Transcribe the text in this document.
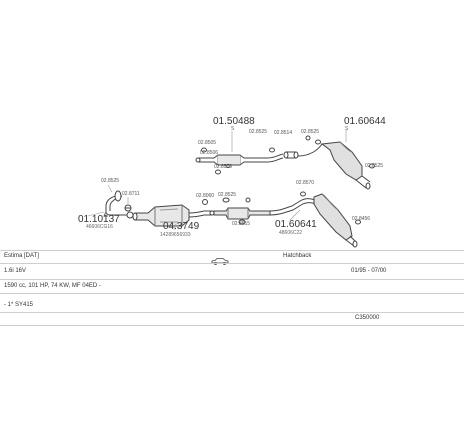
01.50488
S
01.60644
S
01.10137
46606CG16	04.3749
14289656933
01.60641
48606C22
02.8525
02.8711	02.8060 02.8525
02.8515
02.8505
02.8506
02.8510
02.8525 02.8514 02.8525
02.8525
02.8570
02.8456
Estima [DAT]	Hatchback
1.6i 16V	01/95 - 07/00
1590 cc, 101 HP, 74 KW, MF 04ED -
- 1* SY415
C350000
